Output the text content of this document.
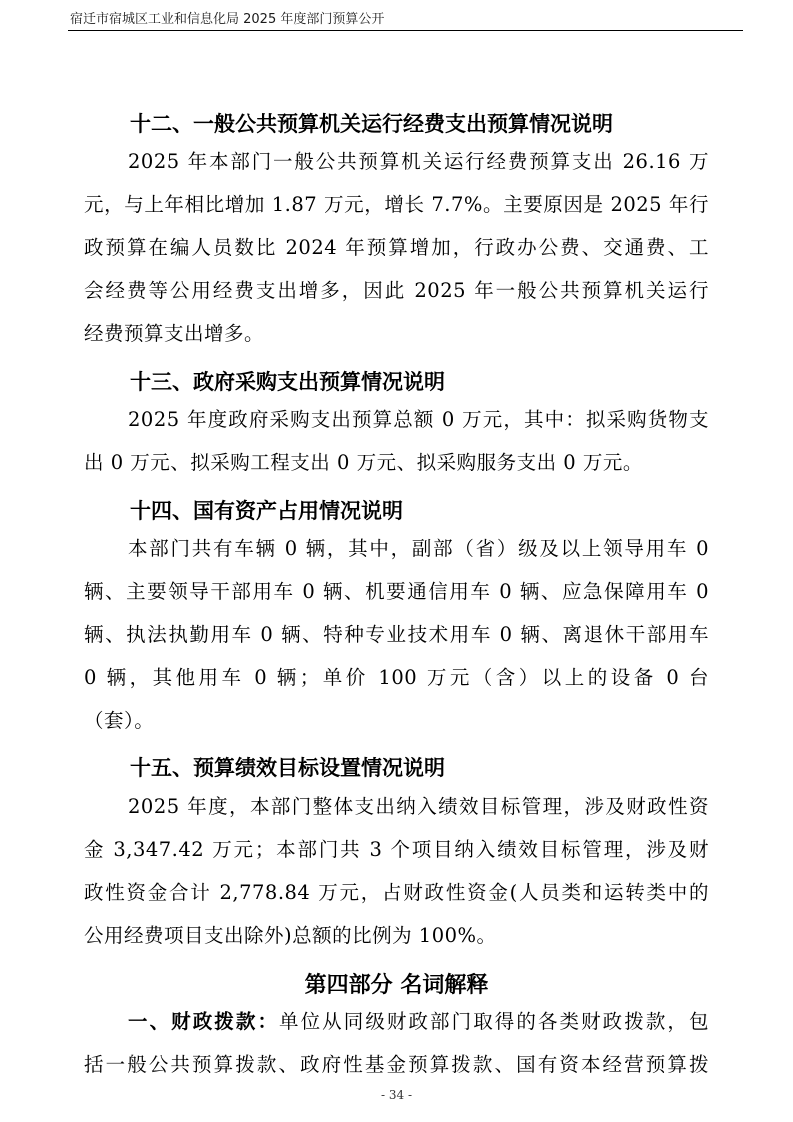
宿迁市宿城区工业和信息化局 2025 年度部门预算公开
十二、一般公共预算机关运行经费支出预算情况说明
2025 年本部门一般公共预算机关运行经费预算支出 26.16 万
元，与上年相比增加 1.87 万元，增长 7.7%。主要原因是 2025 年行
政预算在编人员数比 2024 年预算增加，行政办公费、交通费、工
会经费等公用经费支出增多，因此 2025 年一般公共预算机关运行
经费预算支出增多。
十三、政府采购支出预算情况说明
2025 年度政府采购支出预算总额 0 万元，其中：拟采购货物支
出 0 万元、拟采购工程支出 0 万元、拟采购服务支出 0 万元。
十四、国有资产占用情况说明
本部门共有车辆 0 辆，其中，副部（省）级及以上领导用车 0
辆、主要领导干部用车 0 辆、机要通信用车 0 辆、应急保障用车 0
辆、执法执勤用车 0 辆、特种专业技术用车 0 辆、离退休干部用车
0 辆，其他用车 0 辆；单价 100 万元（含）以上的设备 0 台
（套）。
十五、预算绩效目标设置情况说明
2025 年度，本部门整体支出纳入绩效目标管理，涉及财政性资
金 3,347.42 万元；本部门共 3 个项目纳入绩效目标管理，涉及财
政性资金合计 2,778.84 万元，占财政性资金(人员类和运转类中的
公用经费项目支出除外)总额的比例为 100%。
第四部分 名词解释
一、财政拨款：单位从同级财政部门取得的各类财政拨款，包
括一般公共预算拨款、政府性基金预算拨款、国有资本经营预算拨
- 34 -
